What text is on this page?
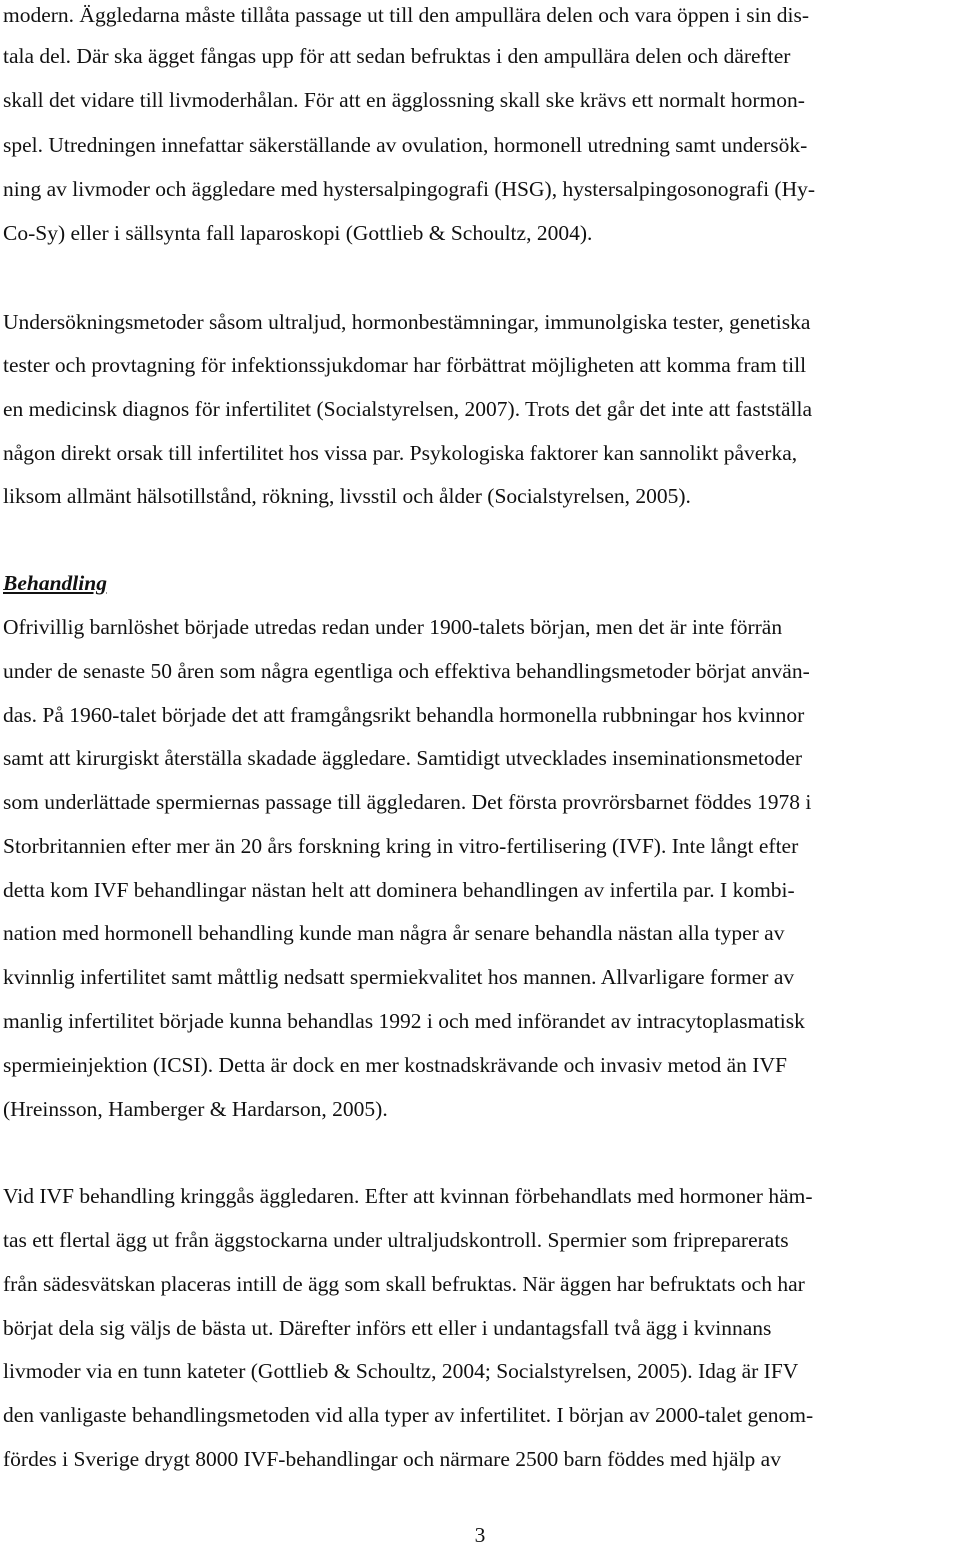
modern. Äggledarna måste tillåta passage ut till den ampullära delen och vara öppen i sin dis-
tala del. Där ska ägget fångas upp för att sedan befruktas i den ampullära delen och därefter
skall det vidare till livmoderhålan. För att en ägglossning skall ske krävs ett normalt hormon-
spel. Utredningen innefattar säkerställande av ovulation, hormonell utredning samt undersök-
ning av livmoder och äggledare med hystersalpingografi (HSG), hystersalpingosonografi (Hy-
Co-Sy) eller i sällsynta fall laparoskopi (Gottlieb & Schoultz, 2004).
Undersökningsmetoder såsom ultraljud, hormonbestämningar, immunolgiska tester, genetiska
tester och provtagning för infektionssjukdomar har förbättrat möjligheten att komma fram till
en medicinsk diagnos för infertilitet (Socialstyrelsen, 2007). Trots det går det inte att fastställa
någon direkt orsak till infertilitet hos vissa par. Psykologiska faktorer kan sannolikt påverka,
liksom allmänt hälsotillstånd, rökning, livsstil och ålder (Socialstyrelsen, 2005).
Behandling
Ofrivillig barnlöshet började utredas redan under 1900-talets början, men det är inte förrän
under de senaste 50 åren som några egentliga och effektiva behandlingsmetoder börjat använ-
das. På 1960-talet började det att framgångsrikt behandla hormonella rubbningar hos kvinnor
samt att kirurgiskt återställa skadade äggledare. Samtidigt utvecklades inseminationsmetoder
som underlättade spermiernas passage till äggledaren. Det första provrörsbarnet föddes 1978 i
Storbritannien efter mer än 20 års forskning kring in vitro-fertilisering (IVF). Inte långt efter
detta kom IVF behandlingar nästan helt att dominera behandlingen av infertila par. I kombi-
nation med hormonell behandling kunde man några år senare behandla nästan alla typer av
kvinnlig infertilitet samt måttlig nedsatt spermiekvalitet hos mannen. Allvarligare former av
manlig infertilitet började kunna behandlas 1992 i och med införandet av intracytoplasmatisk
spermieinjektion (ICSI). Detta är dock en mer kostnadskrävande och invasiv metod än IVF
(Hreinsson, Hamberger & Hardarson, 2005).
Vid IVF behandling kringgås äggledaren. Efter att kvinnan förbehandlats med hormoner häm-
tas ett flertal ägg ut från äggstockarna under ultraljudskontroll. Spermier som fripreparerats
från sädesvätskan placeras intill de ägg som skall befruktas. När äggen har befruktats och har
börjat dela sig väljs de bästa ut. Därefter införs ett eller i undantagsfall två ägg i kvinnans
livmoder via en tunn kateter (Gottlieb & Schoultz, 2004; Socialstyrelsen, 2005). Idag är IFV
den vanligaste behandlingsmetoden vid alla typer av infertilitet. I början av 2000-talet genom-
fördes i Sverige drygt 8000 IVF-behandlingar och närmare 2500 barn föddes med hjälp av
3
